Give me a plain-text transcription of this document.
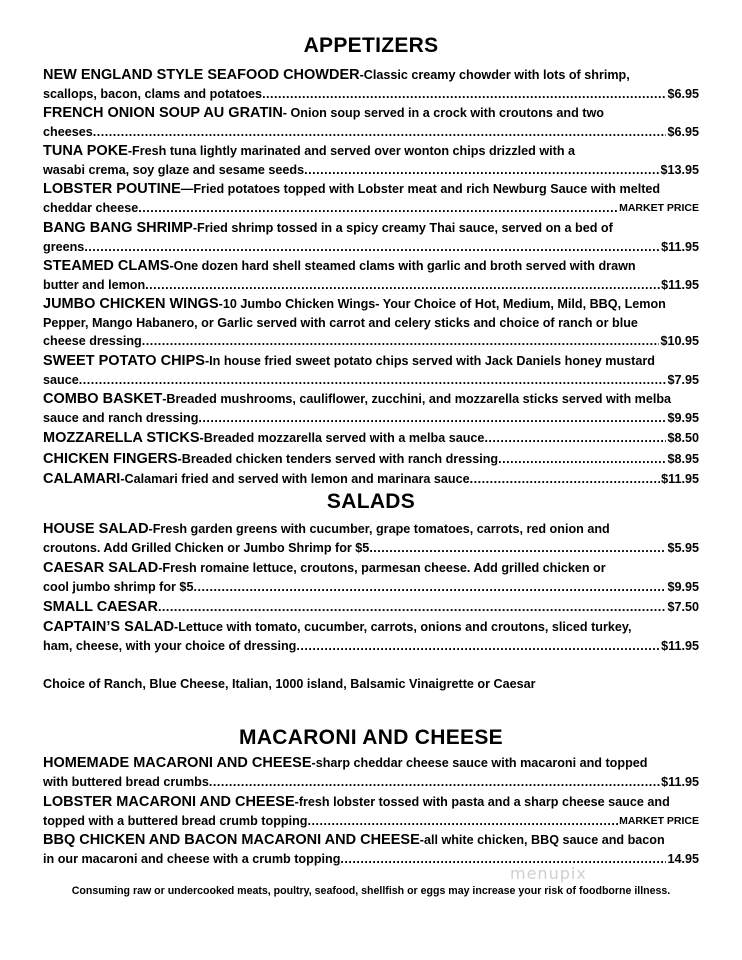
APPETIZERS
NEW ENGLAND STYLE SEAFOOD CHOWDER-Classic creamy chowder with lots of shrimp,
scallops, bacon, clams and potatoes .....	$6.95
FRENCH ONION SOUP AU GRATIN- Onion soup served in a crock with croutons and two
cheeses .....	$6.95
TUNA POKE-Fresh tuna lightly marinated and served over wonton chips drizzled with a
wasabi crema, soy glaze and sesame seeds .....	$13.95
LOBSTER POUTINE—Fried potatoes topped with Lobster meat and rich Newburg Sauce with melted
cheddar cheese .....	MARKET PRICE
BANG BANG SHRIMP-Fried shrimp tossed in a spicy creamy Thai sauce, served on a bed of
greens .....	$11.95
STEAMED CLAMS-One dozen hard shell steamed clams with garlic and broth served with drawn
butter and lemon .....	$11.95
JUMBO CHICKEN WINGS-10 Jumbo Chicken Wings- Your Choice of Hot, Medium, Mild, BBQ, Lemon Pepper, Mango Habanero, or Garlic served with carrot and celery sticks and choice of ranch or blue
cheese dressing .....	$10.95
SWEET POTATO CHIPS-In house fried sweet potato chips served with Jack Daniels honey mustard
sauce .....	$7.95
COMBO BASKET-Breaded mushrooms, cauliflower, zucchini, and mozzarella sticks served with melba
sauce and ranch dressing .....	$9.95
MOZZARELLA STICKS -Breaded mozzarella served with a melba sauce .....	$8.50
CHICKEN FINGERS -Breaded chicken tenders served with ranch dressing .....	$8.95
CALAMARI -Calamari fried and served with lemon and marinara sauce .....	$11.95
SALADS
HOUSE SALAD-Fresh garden greens with cucumber, grape tomatoes, carrots, red onion and
croutons. Add Grilled Chicken or Jumbo Shrimp for $5 .....	$5.95
CAESAR SALAD-Fresh romaine lettuce, croutons, parmesan cheese. Add grilled chicken or
cool jumbo shrimp for $5 .....	$9.95
SMALL CAESAR .....	$7.50
CAPTAIN’S SALAD-Lettuce with tomato, cucumber, carrots, onions and croutons, sliced turkey,
ham, cheese, with your choice of dressing .....	$11.95
Choice of Ranch, Blue Cheese, Italian, 1000 island, Balsamic Vinaigrette or Caesar
MACARONI AND CHEESE
HOMEMADE MACARONI AND CHEESE-sharp cheddar cheese sauce with macaroni and topped
with buttered bread crumbs .....	$11.95
LOBSTER MACARONI AND CHEESE-fresh lobster tossed with pasta and a sharp cheese sauce and
topped with a buttered bread crumb topping .....	MARKET PRICE
BBQ CHICKEN AND BACON MACARONI AND CHEESE-all white chicken, BBQ sauce and bacon
in our macaroni and cheese with a crumb topping .....	14.95
menupix
Consuming raw or undercooked meats, poultry, seafood, shellfish or eggs may increase your risk of foodborne illness.
